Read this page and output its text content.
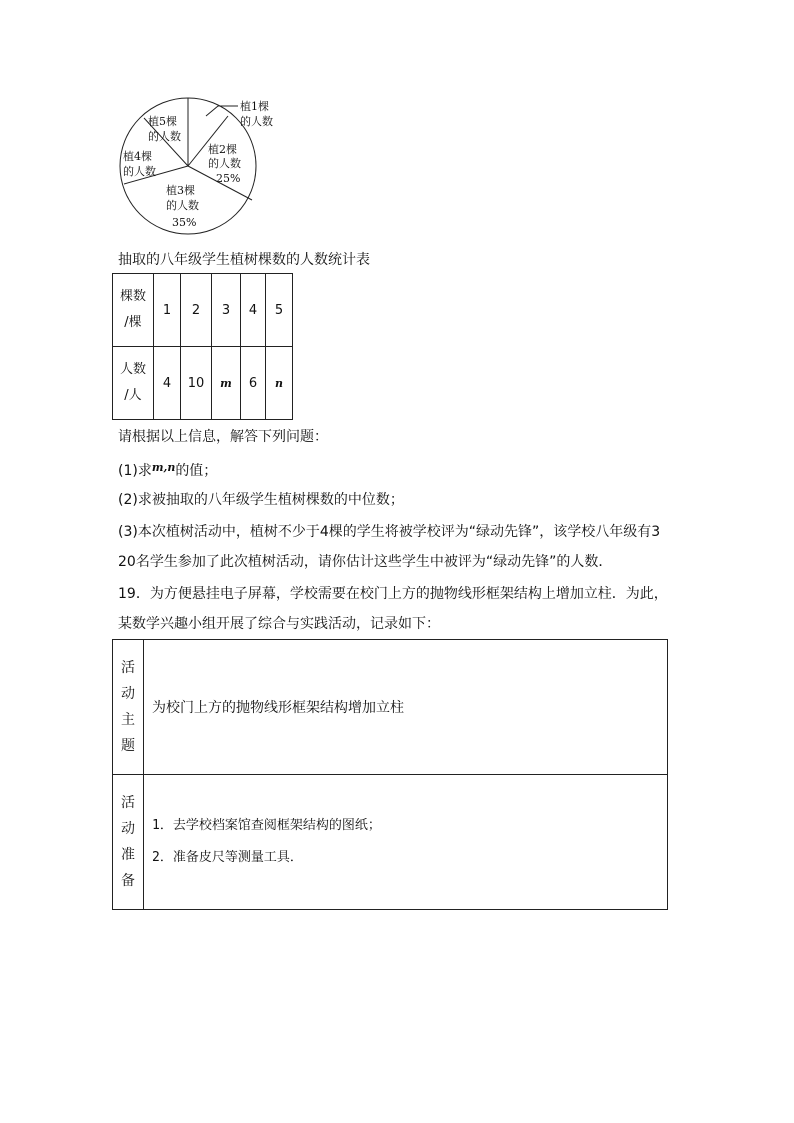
植1棵
的人数
植2棵
的人数
25%
植3棵
的人数
35%
植4棵
的人数
植5棵
的人数
抽取的八年级学生植树棵数的人数统计表
棵数
/棵	1	2	3	4	5

人数
/人	4	10	m	6	n
请根据以上信息，解答下列问题：
(1)求$^{m,n}$的值；
(2)求被抽取的八年级学生植树棵数的中位数；
(3)本次植树活动中，植树不少于4棵的学生将被学校评为“绿动先锋”，该学校八年级有3
20名学生参加了此次植树活动，请你估计这些学生中被评为“绿动先锋”的人数．
19．为方便悬挂电子屏幕，学校需要在校门上方的抛物线形框架结构上增加立柱．为此，
某数学兴趣小组开展了综合与实践活动，记录如下：
活
动
主
题	为校门上方的抛物线形框架结构增加立柱

活
动
准
备	1．去学校档案馆查阅框架结构的图纸；
2．准备皮尺等测量工具．
